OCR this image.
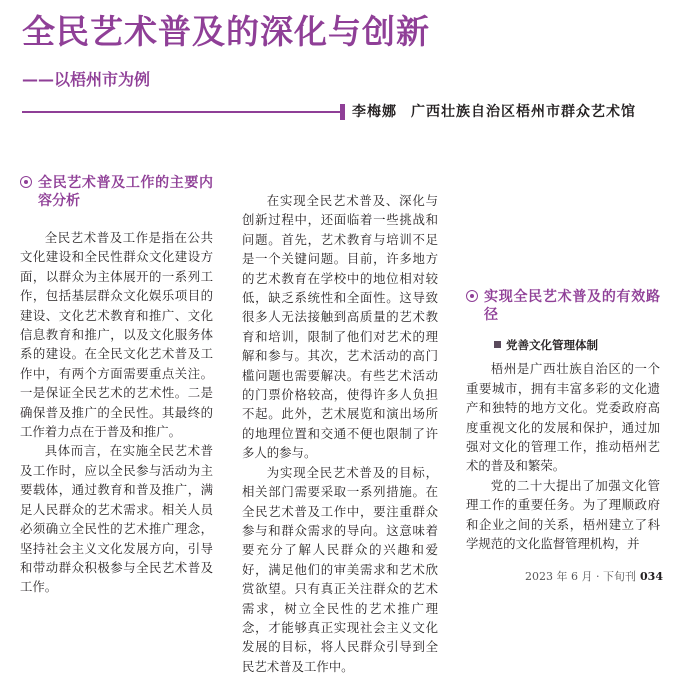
全民艺术普及的深化与创新
——以梧州市为例
李梅娜 广西壮族自治区梧州市群众艺术馆
全民艺术普及工作的主要内容分析

全民艺术普及工作是指在公共文化建设和全民性群众文化建设方面，以群众为主体展开的一系列工作，包括基层群众文化娱乐项目的建设、文化艺术教育和推广、文化信息教育和推广，以及文化服务体系的建设。在全民文化艺术普及工作中，有两个方面需要重点关注。一是保证全民艺术的艺术性。二是确保普及推广的全民性。其最终的工作着力点在于普及和推广。

具体而言，在实施全民艺术普及工作时，应以全民参与活动为主要载体，通过教育和普及推广，满足人民群众的艺术需求。相关人员必须确立全民性的艺术推广理念，坚持社会主义文化发展方向，引导和带动群众积极参与全民艺术普及工作。

在实现全民艺术普及、深化与创新过程中，还面临着一些挑战和问题。首先，艺术教育与培训不足是一个关键问题。目前，许多地方的艺术教育在学校中的地位相对较低，缺乏系统性和全面性。这导致很多人无法接触到高质量的艺术教育和培训，限制了他们对艺术的理解和参与。其次，艺术活动的高门槛问题也需要解决。有些艺术活动的门票价格较高，使得许多人负担不起。此外，艺术展览和演出场所的地理位置和交通不便也限制了许多人的参与。

为实现全民艺术普及的目标，相关部门需要采取一系列措施。在全民艺术普及工作中，要注重群众参与和群众需求的导向。这意味着要充分了解人民群众的兴趣和爱好，满足他们的审美需求和艺术欣赏欲望。只有真正关注群众的艺术需求，树立全民性的艺术推广理念，才能够真正实现社会主义文化发展的目标，将人民群众引导到全民艺术普及工作中。

实现全民艺术普及的有效路径
党善文化管理体制

梧州是广西壮族自治区的一个重要城市，拥有丰富多彩的文化遗产和独特的地方文化。党委政府高度重视文化的发展和保护，通过加强对文化的管理工作，推动梧州艺术的普及和繁荣。

党的二十大提出了加强文化管理工作的重要任务。为了理顺政府和企业之间的关系，梧州建立了科学规范的文化监督管理机构，并

2023 年 6 月 · 下旬刊 034
